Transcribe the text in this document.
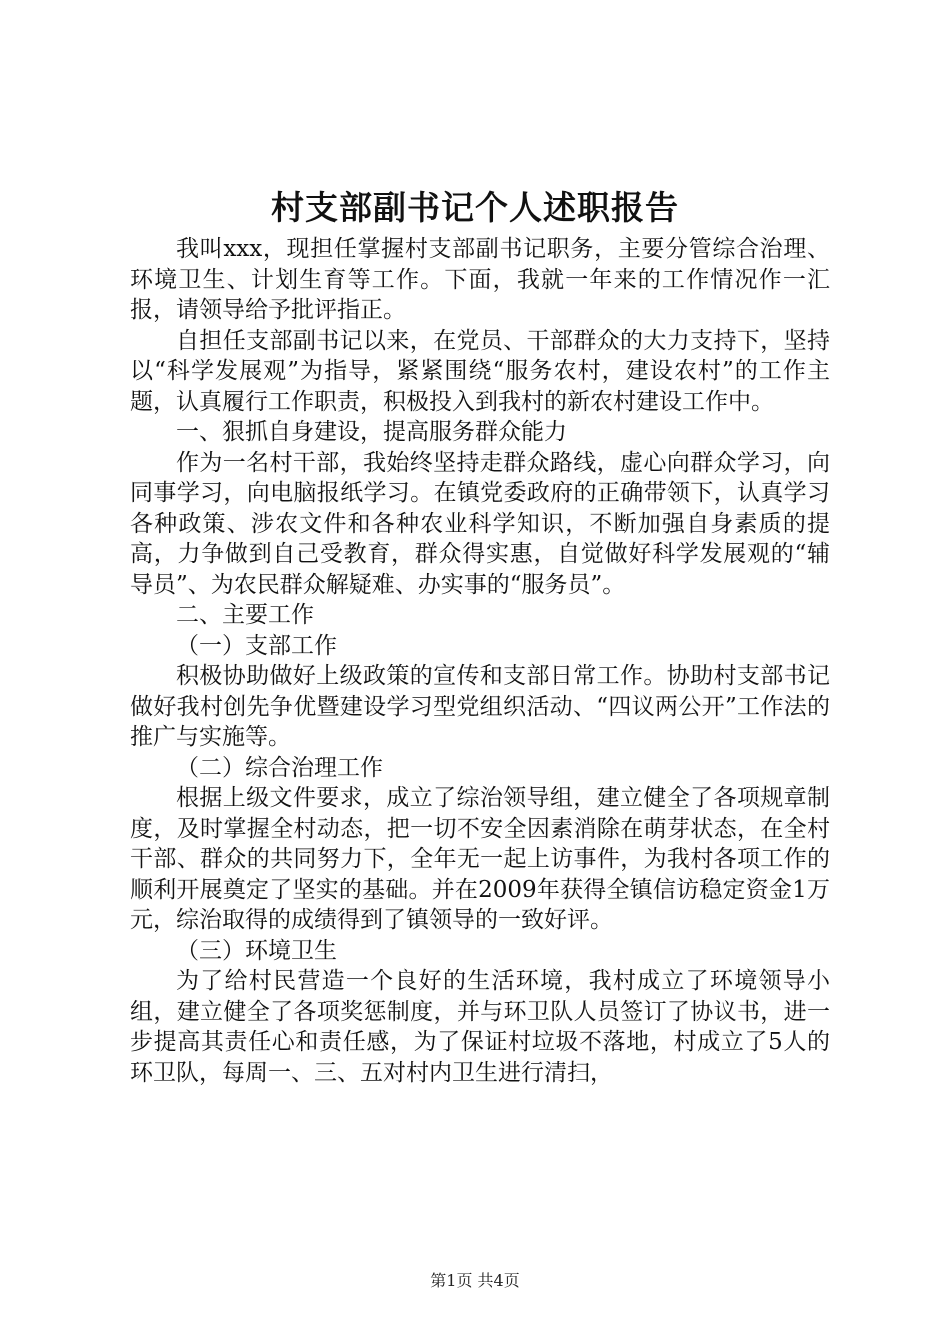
村支部副书记个人述职报告

我叫xxx，现担任掌握村支部副书记职务，主要分管综合治理、环境卫生、计划生育等工作。下面，我就一年来的工作情况作一汇报，请领导给予批评指正。

自担任支部副书记以来，在党员、干部群众的大力支持下，坚持以“科学发展观”为指导，紧紧围绕“服务农村，建设农村”的工作主题，认真履行工作职责，积极投入到我村的新农村建设工作中。

一、狠抓自身建设，提高服务群众能力

作为一名村干部，我始终坚持走群众路线，虚心向群众学习，向同事学习，向电脑报纸学习。在镇党委政府的正确带领下，认真学习各种政策、涉农文件和各种农业科学知识，不断加强自身素质的提高，力争做到自己受教育，群众得实惠，自觉做好科学发展观的“辅导员”、为农民群众解疑难、办实事的“服务员”。

二、主要工作

（一）支部工作

积极协助做好上级政策的宣传和支部日常工作。协助村支部书记做好我村创先争优暨建设学习型党组织活动、“四议两公开”工作法的推广与实施等。

（二）综合治理工作

根据上级文件要求，成立了综治领导组，建立健全了各项规章制度，及时掌握全村动态，把一切不安全因素消除在萌芽状态，在全村干部、群众的共同努力下，全年无一起上访事件，为我村各项工作的顺利开展奠定了坚实的基础。并在2009年获得全镇信访稳定资金1万元，综治取得的成绩得到了镇领导的一致好评。

（三）环境卫生

为了给村民营造一个良好的生活环境，我村成立了环境领导小组，建立健全了各项奖惩制度，并与环卫队人员签订了协议书，进一步提高其责任心和责任感，为了保证村垃圾不落地，村成立了5人的环卫队，每周一、三、五对村内卫生进行清扫，

第1页 共4页
